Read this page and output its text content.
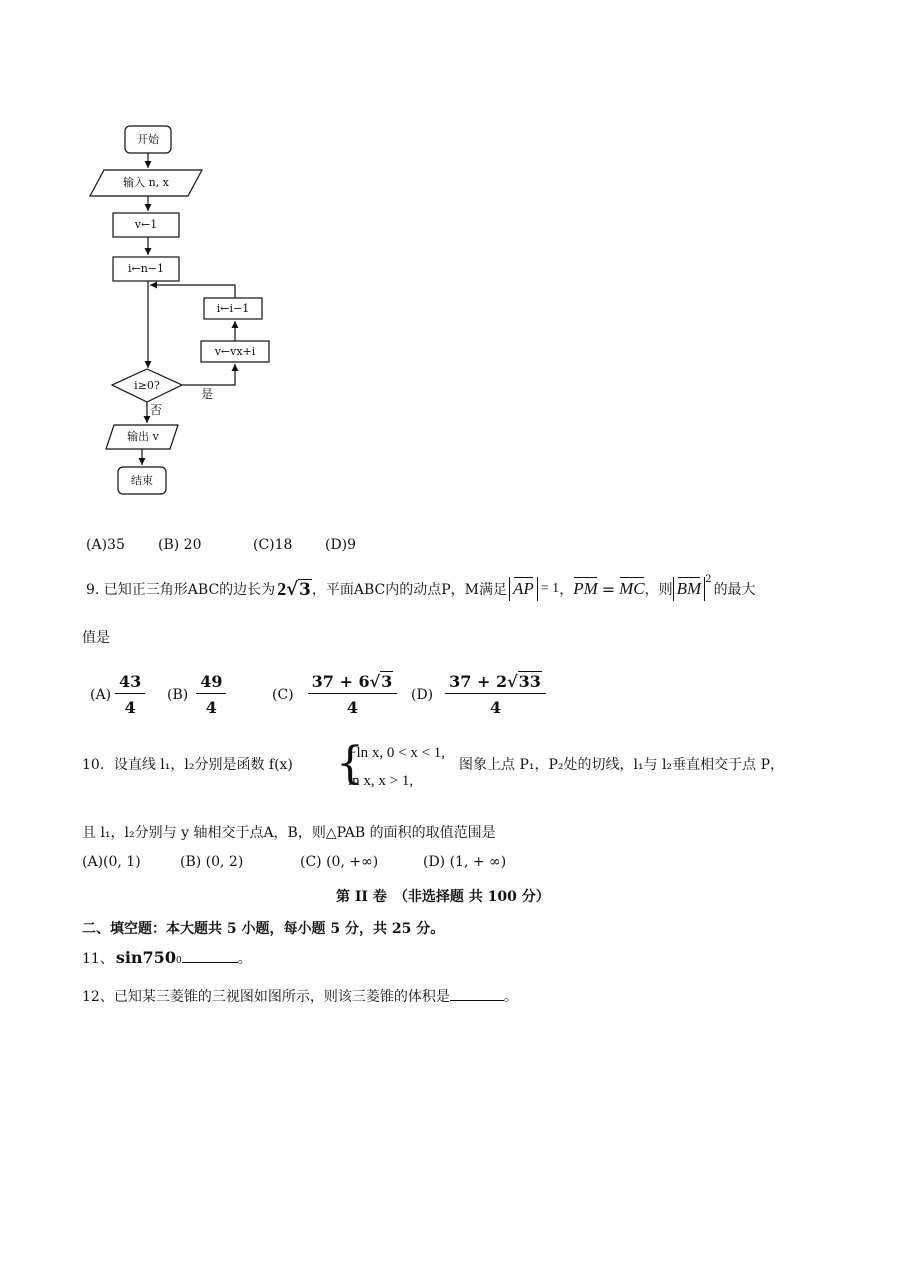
开始
输入 n, x
v←1
i←n−1
i←i−1
v←vx+i
i≥0?
是
否
输出 v
结束
(A)35 (B) 20	(C)18 (D)9
9. 已知正三角形ABC的边长为 2 √ 3 ，平面ABC内的动点P，M满足 AP = 1 ， PM = MC ，则 BM $^2$
的最大
值是
$(A) \frac{43}{4} (B) \frac{49}{4}$	$(C) \frac{37 + 6√3}{4} (D) \frac{37 + 2√33}{4}$
10．设直线 l₁，l₂分别是函数 f(x) {
−ln x, 0 < x < 1,
ln x, x > 1,
图象上点 P₁，P₂处的切线，l₁与 l₂垂直相交于点 P，
且 l₁，l₂分别与 y 轴相交于点A，B，则△PAB 的面积的取值范围是
(A)(0, 1)	(B) (0, 2)	(C) (0, +∞)	(D) (1, + ∞)
第 II 卷　（非选择题 共 100 分）
二、填空题：本大题共 5 小题，每小题 5 分，共 25 分。
11、 $\sin 750_0$	。
12、已知某三菱锥的三视图如图所示，则该三菱锥的体积是	。
